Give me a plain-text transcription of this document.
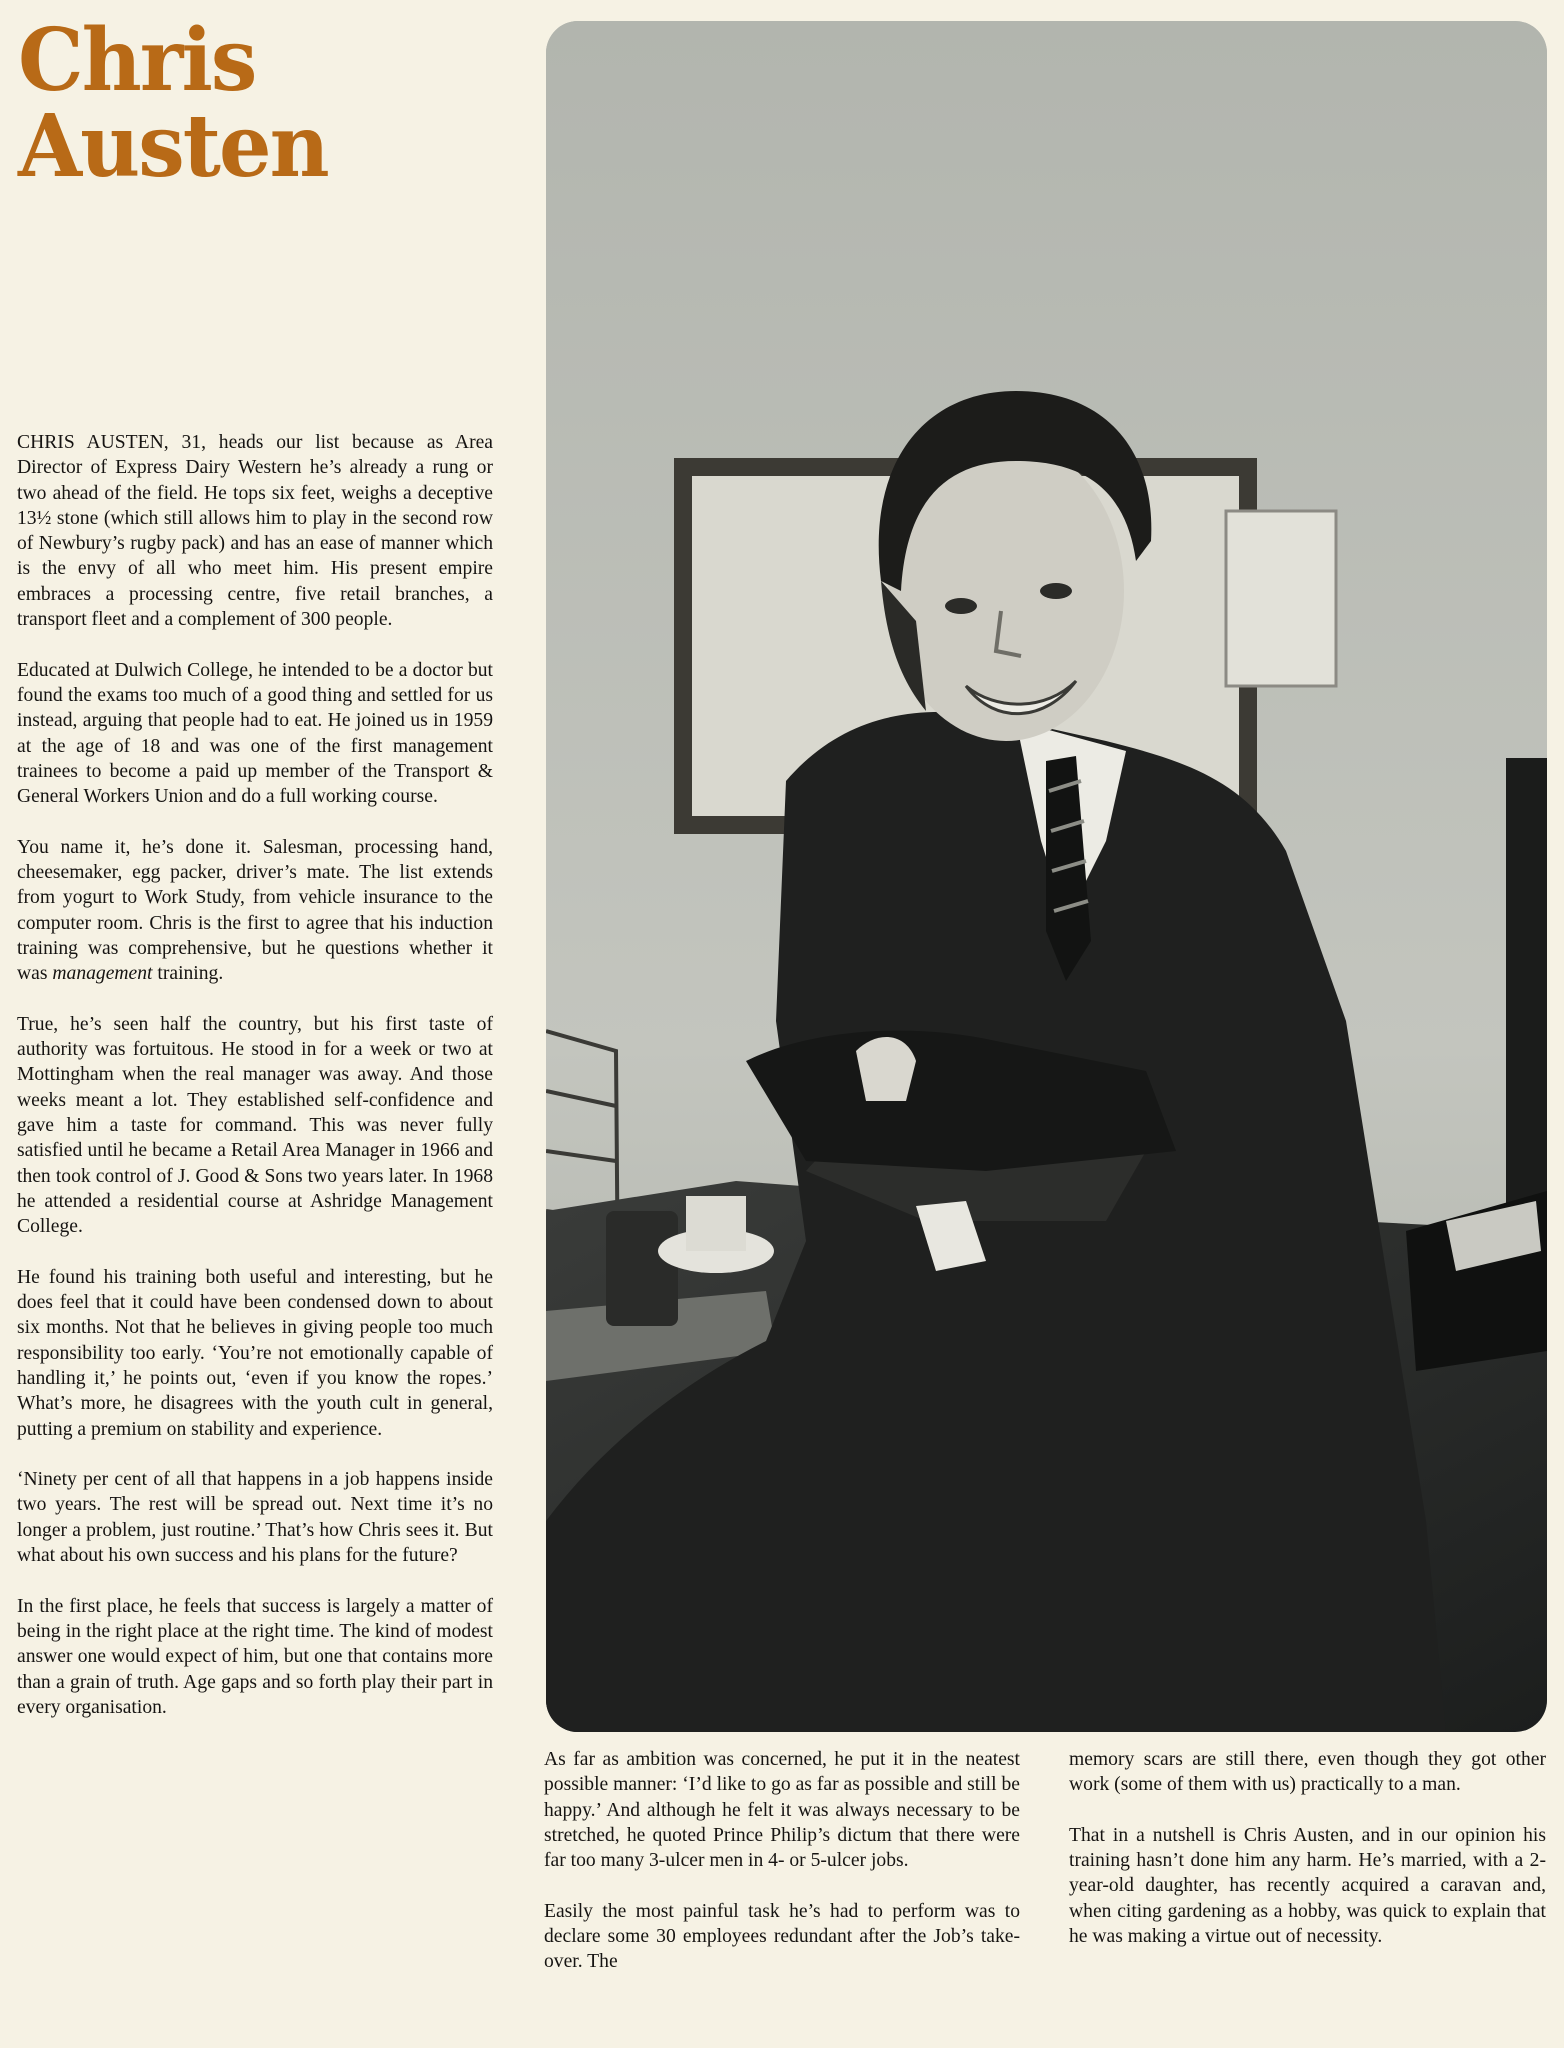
Chris
Austen

CHRIS AUSTEN, 31, heads our list because as Area Director of Express Dairy Western he’s already a rung or two ahead of the field. He tops six feet, weighs a deceptive 13½ stone (which still allows him to play in the second row of Newbury’s rugby pack) and has an ease of manner which is the envy of all who meet him. His present empire embraces a processing centre, five retail branches, a transport fleet and a complement of 300 people.

Educated at Dulwich College, he intended to be a doctor but found the exams too much of a good thing and settled for us instead, arguing that people had to eat. He joined us in 1959 at the age of 18 and was one of the first management trainees to become a paid up member of the Transport & General Workers Union and do a full working course.

You name it, he’s done it. Salesman, processing hand, cheesemaker, egg packer, driver’s mate. The list extends from yogurt to Work Study, from vehicle insurance to the computer room. Chris is the first to agree that his induction training was comprehensive, but he questions whether it was management training.

True, he’s seen half the country, but his first taste of authority was fortuitous. He stood in for a week or two at Mottingham when the real manager was away. And those weeks meant a lot. They established self-confidence and gave him a taste for command. This was never fully satisfied until he became a Retail Area Manager in 1966 and then took control of J. Good & Sons two years later. In 1968 he attended a residential course at Ashridge Management College.

He found his training both useful and interesting, but he does feel that it could have been condensed down to about six months. Not that he believes in giving people too much responsibility too early. ‘You’re not emotionally capable of handling it,’ he points out, ‘even if you know the ropes.’ What’s more, he disagrees with the youth cult in general, putting a premium on stability and experience.

‘Ninety per cent of all that happens in a job happens inside two years. The rest will be spread out. Next time it’s no longer a problem, just routine.’ That’s how Chris sees it. But what about his own success and his plans for the future?

In the first place, he feels that success is largely a matter of being in the right place at the right time. The kind of modest answer one would expect of him, but one that contains more than a grain of truth. Age gaps and so forth play their part in every organisation.

As far as ambition was concerned, he put it in the neatest possible manner: ‘I’d like to go as far as possible and still be happy.’ And although he felt it was always necessary to be stretched, he quoted Prince Philip’s dictum that there were far too many 3-ulcer men in 4- or 5-ulcer jobs.

Easily the most painful task he’s had to perform was to declare some 30 employees redundant after the Job’s take-over. The

memory scars are still there, even though they got other work (some of them with us) practically to a man.

That in a nutshell is Chris Austen, and in our opinion his training hasn’t done him any harm. He’s married, with a 2-year-old daughter, has recently acquired a caravan and, when citing gardening as a hobby, was quick to explain that he was making a virtue out of necessity.
